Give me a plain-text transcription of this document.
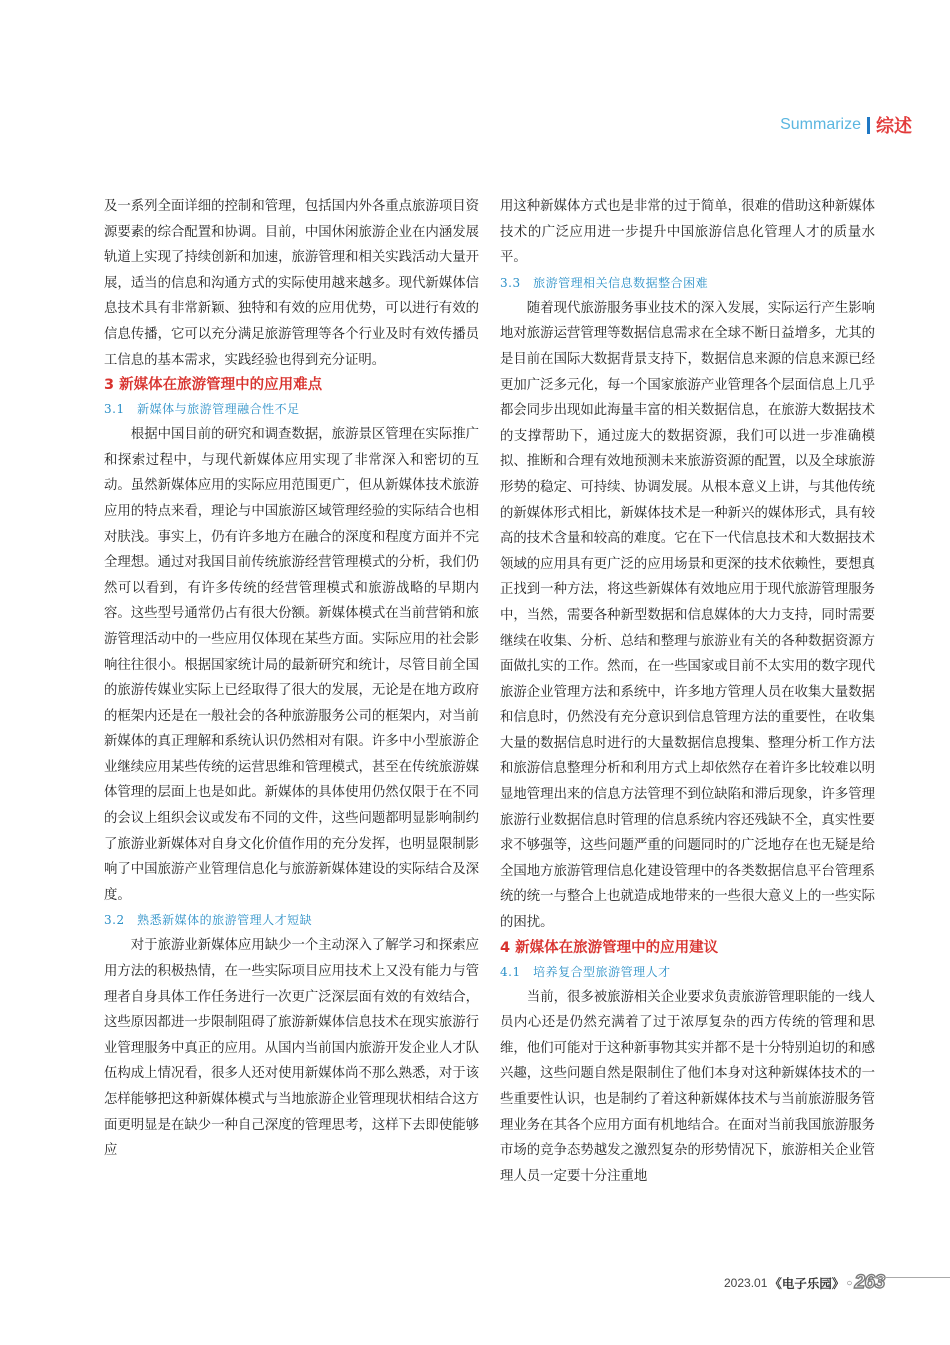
Summarize 综述

及一系列全面详细的控制和管理，包括国内外各重点旅游项目资源要素的综合配置和协调。目前，中国休闲旅游企业在内涵发展轨道上实现了持续创新和加速，旅游管理和相关实践活动大量开展，适当的信息和沟通方式的实际使用越来越多。现代新媒体信息技术具有非常新颖、独特和有效的应用优势，可以进行有效的信息传播，它可以充分满足旅游管理等各个行业及时有效传播员工信息的基本需求，实践经验也得到充分证明。

3 新媒体在旅游管理中的应用难点
3.1　新媒体与旅游管理融合性不足

根据中国目前的研究和调查数据，旅游景区管理在实际推广和探索过程中，与现代新媒体应用实现了非常深入和密切的互动。虽然新媒体应用的实际应用范围更广，但从新媒体技术旅游应用的特点来看，理论与中国旅游区域管理经验的实际结合也相对肤浅。事实上，仍有许多地方在融合的深度和程度方面并不完全理想。通过对我国目前传统旅游经营管理模式的分析，我们仍然可以看到，有许多传统的经营管理模式和旅游战略的早期内容。这些型号通常仍占有很大份额。新媒体模式在当前营销和旅游管理活动中的一些应用仅体现在某些方面。实际应用的社会影响往往很小。根据国家统计局的最新研究和统计，尽管目前全国的旅游传媒业实际上已经取得了很大的发展，无论是在地方政府的框架内还是在一般社会的各种旅游服务公司的框架内，对当前新媒体的真正理解和系统认识仍然相对有限。许多中小型旅游企业继续应用某些传统的运营思维和管理模式，甚至在传统旅游媒体管理的层面上也是如此。新媒体的具体使用仍然仅限于在不同的会议上组织会议或发布不同的文件，这些问题都明显影响制约了旅游业新媒体对自身文化价值作用的充分发挥，也明显限制影响了中国旅游产业管理信息化与旅游新媒体建设的实际结合及深度。

3.2　熟悉新媒体的旅游管理人才短缺

对于旅游业新媒体应用缺少一个主动深入了解学习和探索应用方法的积极热情，在一些实际项目应用技术上又没有能力与管理者自身具体工作任务进行一次更广泛深层面有效的有效结合，这些原因都进一步限制阻碍了旅游新媒体信息技术在现实旅游行业管理服务中真正的应用。从国内当前国内旅游开发企业人才队伍构成上情况看，很多人还对使用新媒体尚不那么熟悉，对于该怎样能够把这种新媒体模式与当地旅游企业管理现状相结合这方面更明显是在缺少一种自己深度的管理思考，这样下去即使能够应

用这种新媒体方式也是非常的过于简单，很难的借助这种新媒体技术的广泛应用进一步提升中国旅游信息化管理人才的质量水平。

3.3　旅游管理相关信息数据整合困难

随着现代旅游服务事业技术的深入发展，实际运行产生影响地对旅游运营管理等数据信息需求在全球不断日益增多，尤其的是目前在国际大数据背景支持下，数据信息来源的信息来源已经更加广泛多元化，每一个国家旅游产业管理各个层面信息上几乎都会同步出现如此海量丰富的相关数据信息，在旅游大数据技术的支撑帮助下，通过庞大的数据资源，我们可以进一步准确模拟、推断和合理有效地预测未来旅游资源的配置，以及全球旅游形势的稳定、可持续、协调发展。从根本意义上讲，与其他传统的新媒体形式相比，新媒体技术是一种新兴的媒体形式，具有较高的技术含量和较高的难度。它在下一代信息技术和大数据技术领域的应用具有更广泛的应用场景和更深的技术依赖性，要想真正找到一种方法，将这些新媒体有效地应用于现代旅游管理服务中，当然，需要各种新型数据和信息媒体的大力支持，同时需要继续在收集、分析、总结和整理与旅游业有关的各种数据资源方面做扎实的工作。然而，在一些国家或目前不太实用的数字现代旅游企业管理方法和系统中，许多地方管理人员在收集大量数据和信息时，仍然没有充分意识到信息管理方法的重要性，在收集大量的数据信息时进行的大量数据信息搜集、整理分析工作方法和旅游信息整理分析和利用方式上却依然存在着许多比较难以明显地管理出来的信息方法管理不到位缺陷和滞后现象，许多管理旅游行业数据信息时管理的信息系统内容还残缺不全，真实性要求不够强等，这些问题严重的问题同时的广泛地存在也无疑是给全国地方旅游管理信息化建设管理中的各类数据信息平台管理系统的统一与整合上也就造成地带来的一些很大意义上的一些实际的困扰。

4 新媒体在旅游管理中的应用建议
4.1　培养复合型旅游管理人才

当前，很多被旅游相关企业要求负责旅游管理职能的一线人员内心还是仍然充满着了过于浓厚复杂的西方传统的管理和思维，他们可能对于这种新事物其实并都不是十分特别迫切的和感兴趣，这些问题自然是限制住了他们本身对这种新媒体技术的一些重要性认识，也是制约了着这种新媒体技术与当前旅游服务管理业务在其各个应用方面有机地结合。在面对当前我国旅游服务市场的竞争态势越发之激烈复杂的形势情况下，旅游相关企业管理人员一定要十分注重地

2023.01 《电子乐园》 ○ 263
